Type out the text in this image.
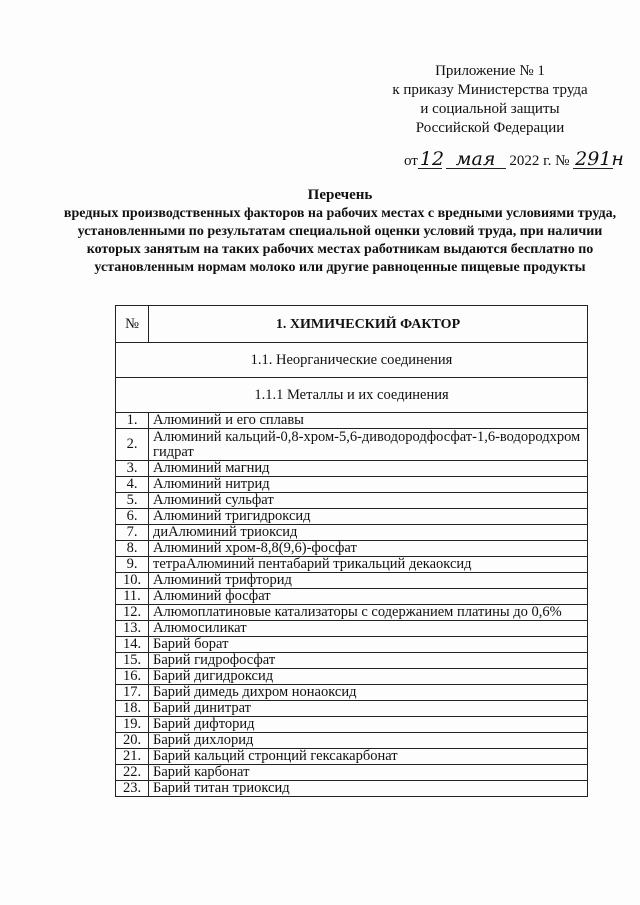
Приложение № 1
к приказу Министерства труда
и социальной защиты
Российской Федерации
от 12 мая 2022 г. № 291н
Перечень
вредных производственных факторов на рабочих местах с вредными условиями труда, установленными по результатам специальной оценки условий труда, при наличии которых занятым на таких рабочих местах работникам выдаются бесплатно по установленным нормам молоко или другие равноценные пищевые продукты
№	1. ХИМИЧЕСКИЙ ФАКТОР
1.1. Неорганические соединения	
1.1.1 Металлы и их соединения	
1.	Алюминий и его сплавы
2.	Алюминий кальций-0,8-хром-5,6-диводородфосфат-1,6-водородхром гидрат
3.	Алюминий магнид
4.	Алюминий нитрид
5.	Алюминий сульфат
6.	Алюминий тригидроксид
7.	диАлюминий триоксид
8.	Алюминий хром-8,8(9,6)-фосфат
9.	тетраАлюминий пентабарий трикальций декаоксид
10.	Алюминий трифторид
11.	Алюминий фосфат
12.	Алюмоплатиновые катализаторы с содержанием платины до 0,6%
13.	Алюмосиликат
14.	Барий борат
15.	Барий гидрофосфат
16.	Барий дигидроксид
17.	Барий димедь дихром нонаоксид
18.	Барий динитрат
19.	Барий дифторид
20.	Барий дихлорид
21.	Барий кальций стронций гексакарбонат
22.	Барий карбонат
23.	Барий титан триоксид
